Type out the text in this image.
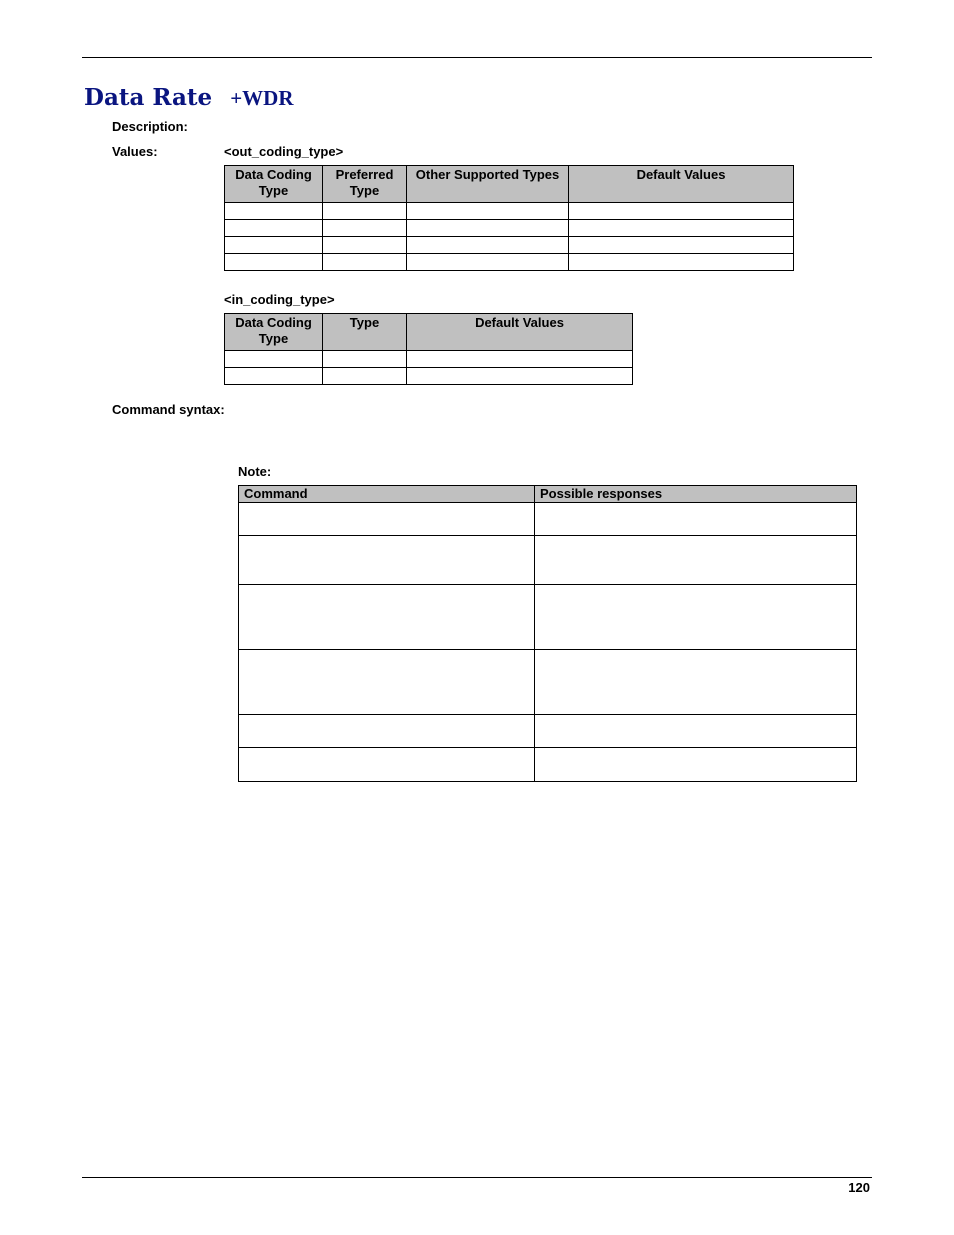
Data Rate +WDR
Description:
Values:	<out_coding_type>
Data Coding Type	Preferred Type	Other Supported Types	Default Values

<in_coding_type>
Data Coding Type	Type	Default Values

Command syntax:
Note:
Command	Possible responses

120
